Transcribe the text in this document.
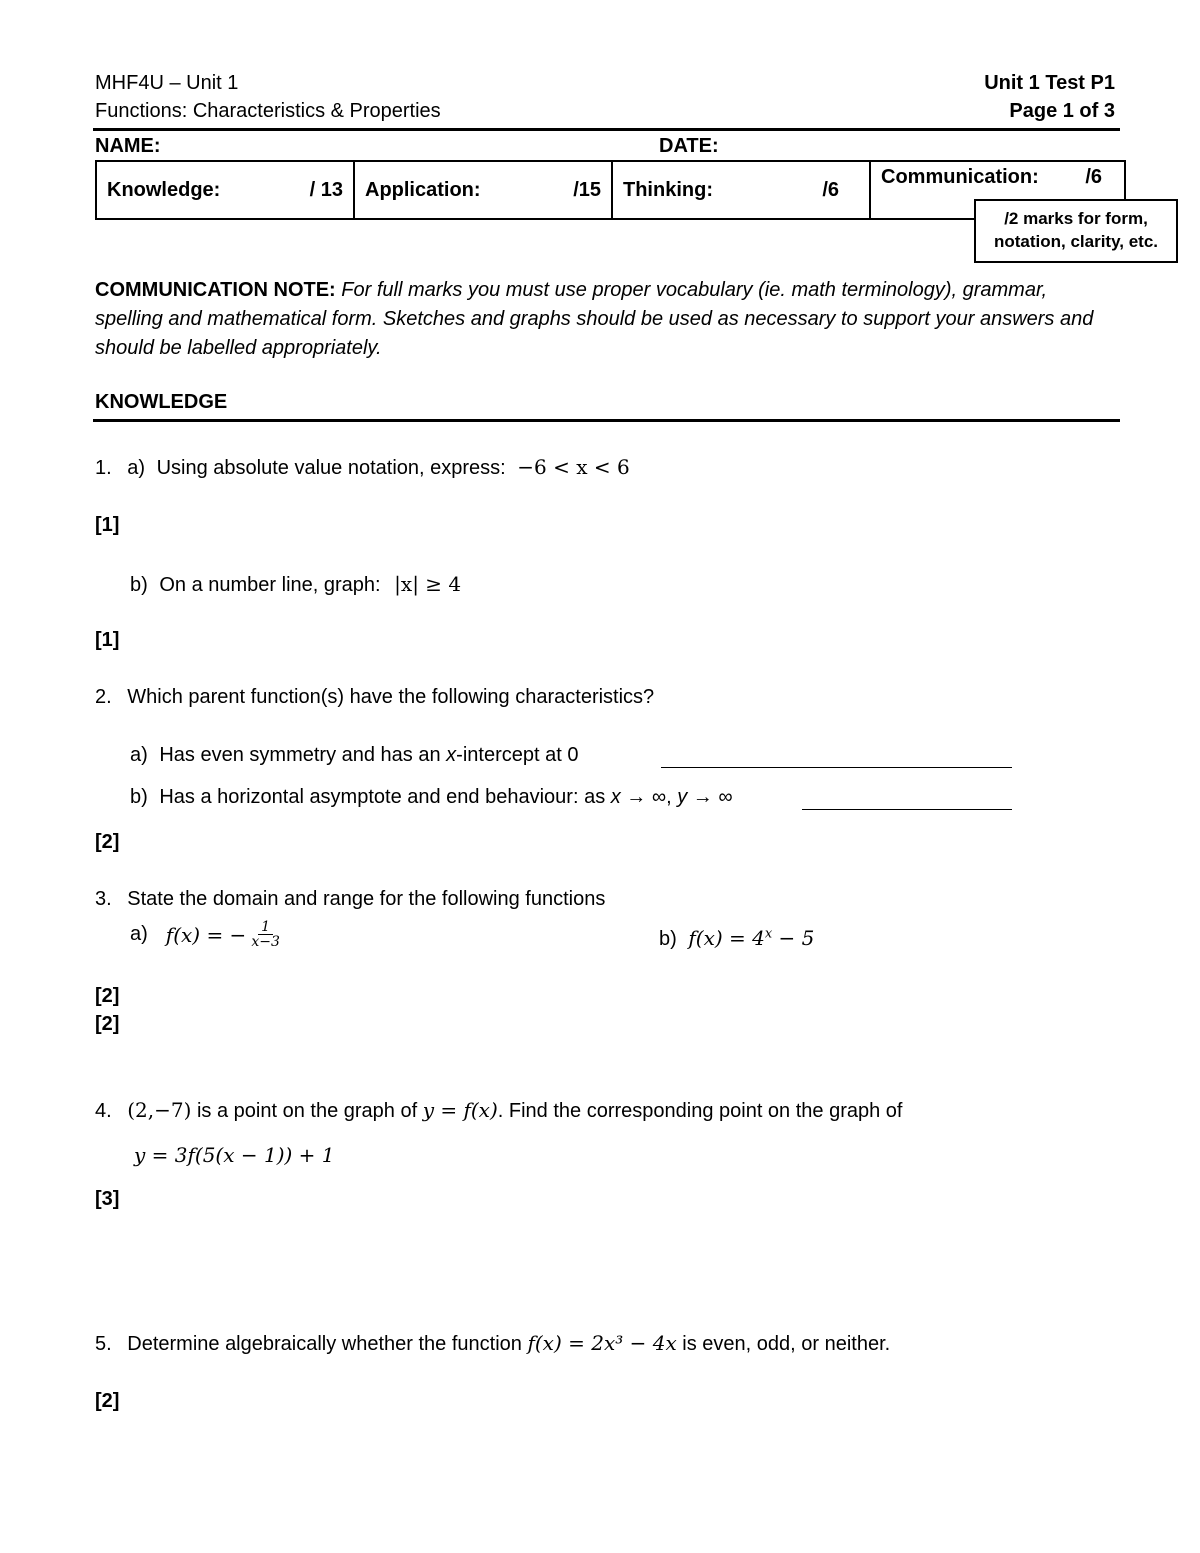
MHF4U – Unit 1
Functions: Characteristics & Properties
Unit 1 Test P1
Page 1 of 3
NAME:	DATE:
Knowledge:	/ 13	Application:	/15	Thinking:	/6

Communication: /6
/2 marks for form,
notation, clarity, etc.
COMMUNICATION NOTE: For full marks you must use proper vocabulary (ie. math terminology), grammar, spelling and mathematical form. Sketches and graphs should be used as necessary to support your answers and should be labelled appropriately.
KNOWLEDGE
1. a) Using absolute value notation, express: −6 < x < 6
[1]
b) On a number line, graph: |x| ≥ 4
[1]
2. Which parent function(s) have the following characteristics?
a) Has even symmetry and has an x-intercept at 0
b) Has a horizontal asymptote and end behaviour: as x → ∞, y → ∞
[2]
3. State the domain and range for the following functions
a) f(x) = − $\frac{1}{x-3}$	b) $f(x) = 4^x - 5$
[2]
[2]
4. (2,−7) is a point on the graph of y = f(x). Find the corresponding point on the graph of
y = 3f(5(x − 1)) + 1
[3]
5. Determine algebraically whether the function f(x) = 2x³ − 4x is even, odd, or neither.
[2]
